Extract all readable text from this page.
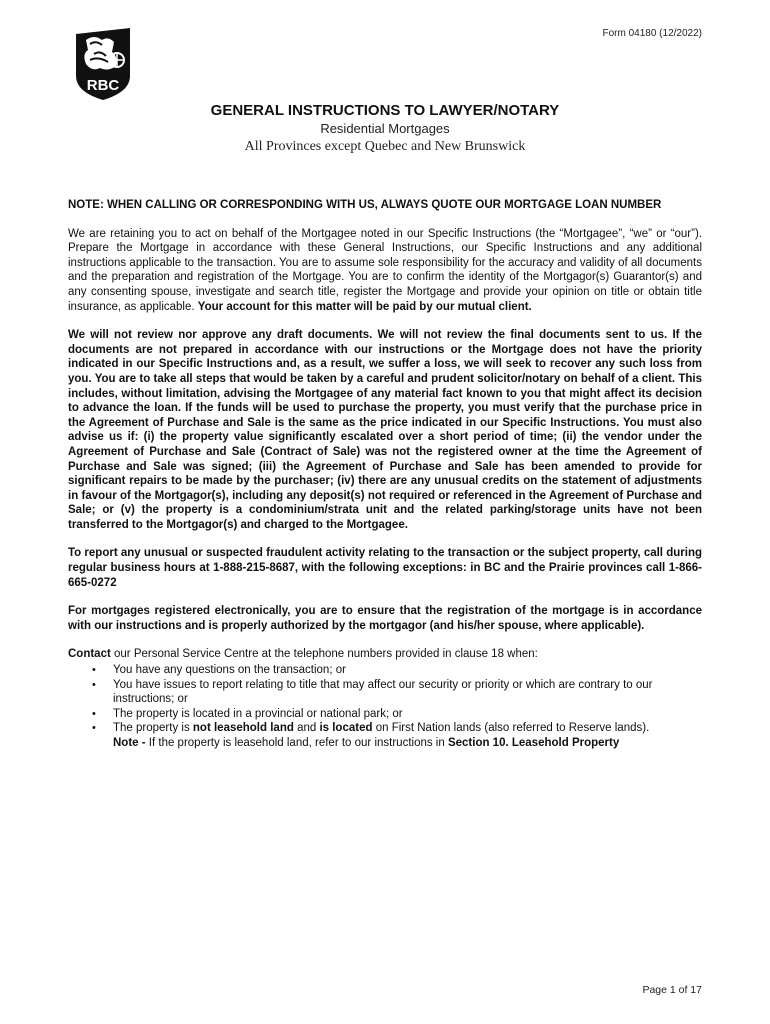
Form 04180 (12/2022)
RBC
GENERAL INSTRUCTIONS TO LAWYER/NOTARY
Residential Mortgages
All Provinces except Quebec and New Brunswick

NOTE: WHEN CALLING OR CORRESPONDING WITH US, ALWAYS QUOTE OUR MORTGAGE LOAN NUMBER

We are retaining you to act on behalf of the Mortgagee noted in our Specific Instructions (the “Mortgagee”, “we” or “our”). Prepare the Mortgage in accordance with these General Instructions, our Specific Instructions and any additional instructions applicable to the transaction. You are to assume sole responsibility for the accuracy and validity of all documents and the preparation and registration of the Mortgage. You are to confirm the identity of the Mortgagor(s) Guarantor(s) and any consenting spouse, investigate and search title, register the Mortgage and provide your opinion on title or obtain title insurance, as applicable. Your account for this matter will be paid by our mutual client.

We will not review nor approve any draft documents. We will not review the final documents sent to us. If the documents are not prepared in accordance with our instructions or the Mortgage does not have the priority indicated in our Specific Instructions and, as a result, we suffer a loss, we will seek to recover any such loss from you. You are to take all steps that would be taken by a careful and prudent solicitor/notary on behalf of a client. This includes, without limitation, advising the Mortgagee of any material fact known to you that might affect its decision to advance the loan. If the funds will be used to purchase the property, you must verify that the purchase price in the Agreement of Purchase and Sale is the same as the price indicated in our Specific Instructions. You must also advise us if: (i) the property value significantly escalated over a short period of time; (ii) the vendor under the Agreement of Purchase and Sale (Contract of Sale) was not the registered owner at the time the Agreement of Purchase and Sale was signed; (iii) the Agreement of Purchase and Sale has been amended to provide for significant repairs to be made by the purchaser; (iv) there are any unusual credits on the statement of adjustments in favour of the Mortgagor(s), including any deposit(s) not required or referenced in the Agreement of Purchase and Sale; or (v) the property is a condominium/strata unit and the related parking/storage units have not been transferred to the Mortgagor(s) and charged to the Mortgagee.

To report any unusual or suspected fraudulent activity relating to the transaction or the subject property, call during regular business hours at 1-888-215-8687, with the following exceptions: in BC and the Prairie provinces call 1-866-665-0272

For mortgages registered electronically, you are to ensure that the registration of the mortgage is in accordance with our instructions and is properly authorized by the mortgagor (and his/her spouse, where applicable).

Contact our Personal Service Centre at the telephone numbers provided in clause 18 when:

• You have any questions on the transaction; or
• You have issues to report relating to title that may affect our security or priority or which are contrary to our instructions; or
• The property is located in a provincial or national park; or
• The property is not leasehold land and is located on First Nation lands (also referred to Reserve lands).
Note - If the property is leasehold land, refer to our instructions in Section 10. Leasehold Property
Page 1 of 17
